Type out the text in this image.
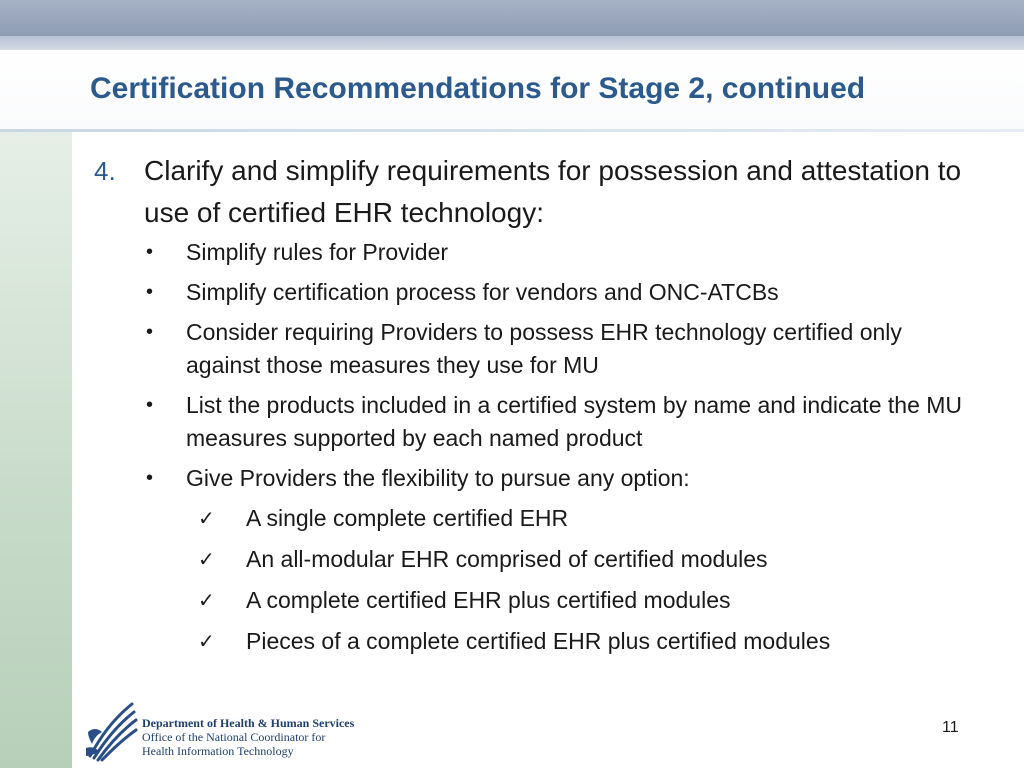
Certification Recommendations for Stage 2, continued
4. Clarify and simplify requirements for possession and attestation to use of certified EHR technology:
• Simplify rules for Provider
• Simplify certification process for vendors and ONC-ATCBs
• Consider requiring Providers to possess EHR technology certified only against those measures they use for MU
• List the products included in a certified system by name and indicate the MU measures supported by each named product
• Give Providers the flexibility to pursue any option:
✓ A single complete certified EHR
✓ An all-modular EHR comprised of certified modules
✓ A complete certified EHR plus certified modules
✓ Pieces of a complete certified EHR plus certified modules
Department of Health & Human Services
Office of the National Coordinator for
Health Information Technology
11
